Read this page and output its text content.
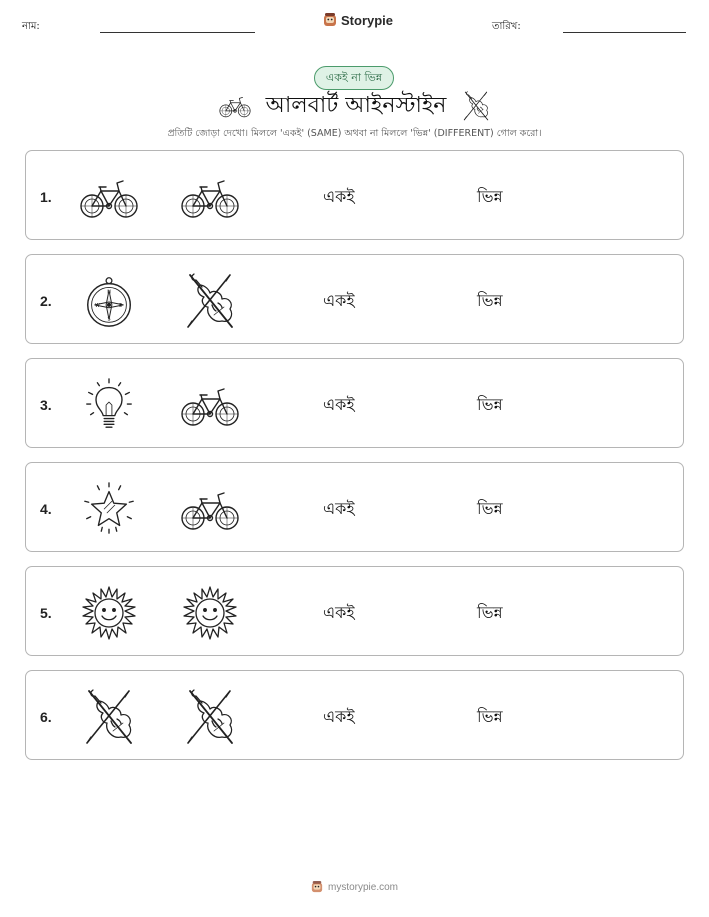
নাম:	Storypie	তারিখ:
একই না ভিন্ন
আলবার্ট আইনস্টাইন
প্রতিটি জোড়া দেখো। মিললে 'একই' (SAME) অথবা না মিললে 'ভিন্ন' (DIFFERENT) গোল করো।
1.	একই	ভিন্ন
2.	একই	ভিন্ন
3.	একই	ভিন্ন
4.	একই	ভিন্ন
5.	একই	ভিন্ন
6.	একই	ভিন্ন
mystorypie.com
